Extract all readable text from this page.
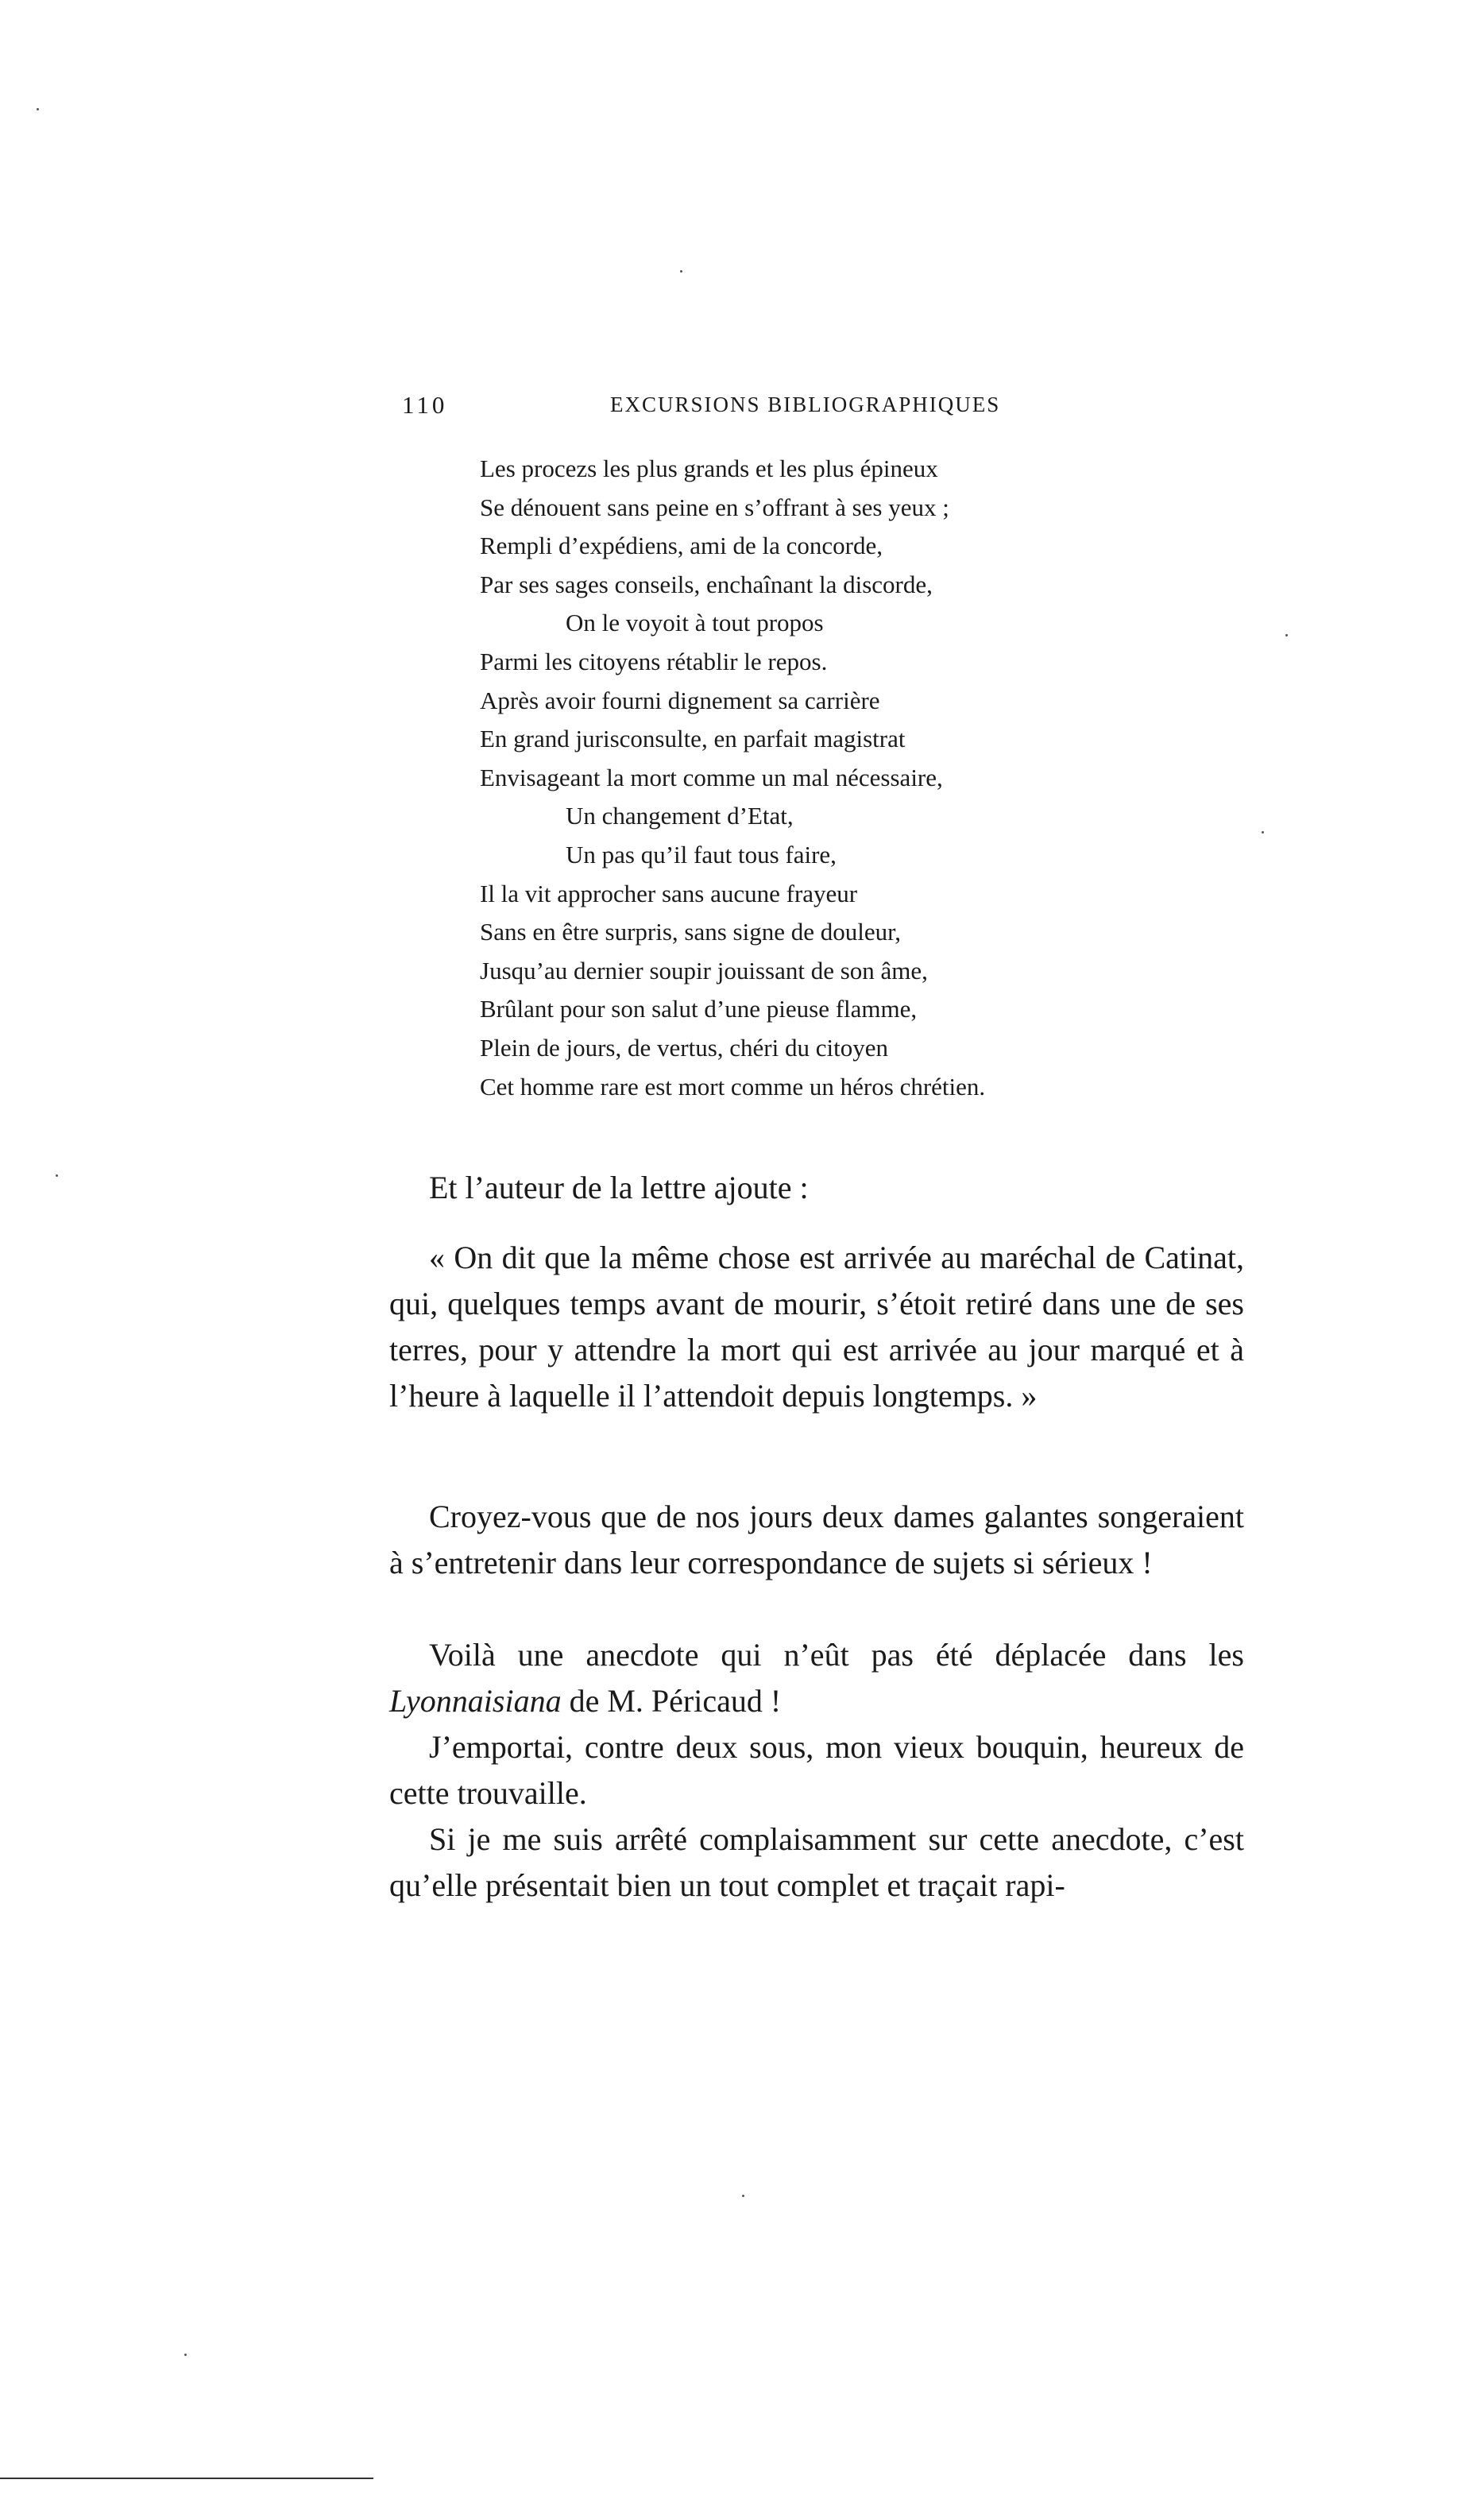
110	EXCURSIONS BIBLIOGRAPHIQUES
Les procezs les plus grands et les plus épineux
Se dénouent sans peine en s’offrant à ses yeux ;
Rempli d’expédiens, ami de la concorde,
Par ses sages conseils, enchaînant la discorde,
On le voyoit à tout propos
Parmi les citoyens rétablir le repos.
Après avoir fourni dignement sa carrière
En grand jurisconsulte, en parfait magistrat
Envisageant la mort comme un mal nécessaire,
Un changement d’Etat,
Un pas qu’il faut tous faire,
Il la vit approcher sans aucune frayeur
Sans en être surpris, sans signe de douleur,
Jusqu’au dernier soupir jouissant de son âme,
Brûlant pour son salut d’une pieuse flamme,
Plein de jours, de vertus, chéri du citoyen
Cet homme rare est mort comme un héros chrétien.

Et l’auteur de la lettre ajoute :

« On dit que la même chose est arrivée au maréchal de Catinat, qui, quelques temps avant de mourir, s’étoit retiré dans une de ses terres, pour y attendre la mort qui est arrivée au jour marqué et à l’heure à laquelle il l’attendoit depuis longtemps. »

Croyez-vous que de nos jours deux dames galantes songeraient à s’entretenir dans leur correspondance de sujets si sérieux !

Voilà une anecdote qui n’eût pas été déplacée dans les Lyonnaisiana de M. Péricaud !

J’emportai, contre deux sous, mon vieux bouquin, heureux de cette trouvaille.

Si je me suis arrêté complaisamment sur cette anecdote, c’est qu’elle présentait bien un tout complet et traçait rapi-
